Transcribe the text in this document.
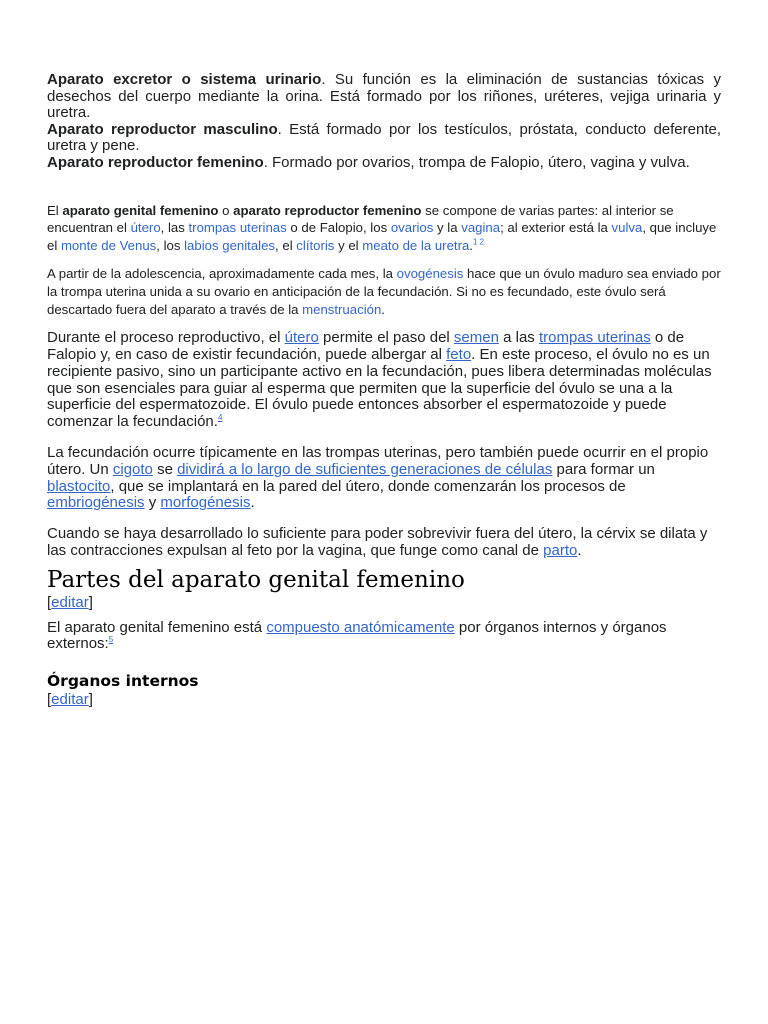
Aparato excretor o sistema urinario. Su función es la eliminación de sustancias tóxicas y desechos del cuerpo mediante la orina. Está formado por los riñones, uréteres, vejiga urinaria y uretra.

Aparato reproductor masculino. Está formado por los testículos, próstata, conducto deferente, uretra y pene.

Aparato reproductor femenino. Formado por ovarios, trompa de Falopio, útero, vagina y vulva.

El aparato genital femenino o aparato reproductor femenino se compone de varias partes: al interior se encuentran el útero, las trompas uterinas o de Falopio, los ovarios y la vagina; al exterior está la vulva, que incluye el monte de Venus, los labios genitales, el clítoris y el meato de la uretra.$^{1 2}$

A partir de la adolescencia, aproximadamente cada mes, la ovogénesis hace que un óvulo maduro sea enviado por la trompa uterina unida a su ovario en anticipación de la fecundación. Si no es fecundado, este óvulo será descartado fuera del aparato a través de la menstruación.

Durante el proceso reproductivo, el útero permite el paso del semen a las trompas uterinas o de Falopio y, en caso de existir fecundación, puede albergar al feto. En este proceso, el óvulo no es un recipiente pasivo, sino un participante activo en la fecundación, pues libera determinadas moléculas que son esenciales para guiar al esperma que permiten que la superficie del óvulo se una a la superficie del espermatozoide. El óvulo puede entonces absorber el espermatozoide y puede comenzar la fecundación.$^4$

La fecundación ocurre típicamente en las trompas uterinas, pero también puede ocurrir en el propio útero. Un cigoto se dividirá a lo largo de suficientes generaciones de células para formar un blastocito, que se implantará en la pared del útero, donde comenzarán los procesos de embriogénesis y morfogénesis.

Cuando se haya desarrollado lo suficiente para poder sobrevivir fuera del útero, la cérvix se dilata y las contracciones expulsan al feto por la vagina, que funge como canal de parto.

Partes del aparato genital femenino

[editar]

El aparato genital femenino está compuesto anatómicamente por órganos internos y órganos externos:$^5$

Órganos internos

[editar]
